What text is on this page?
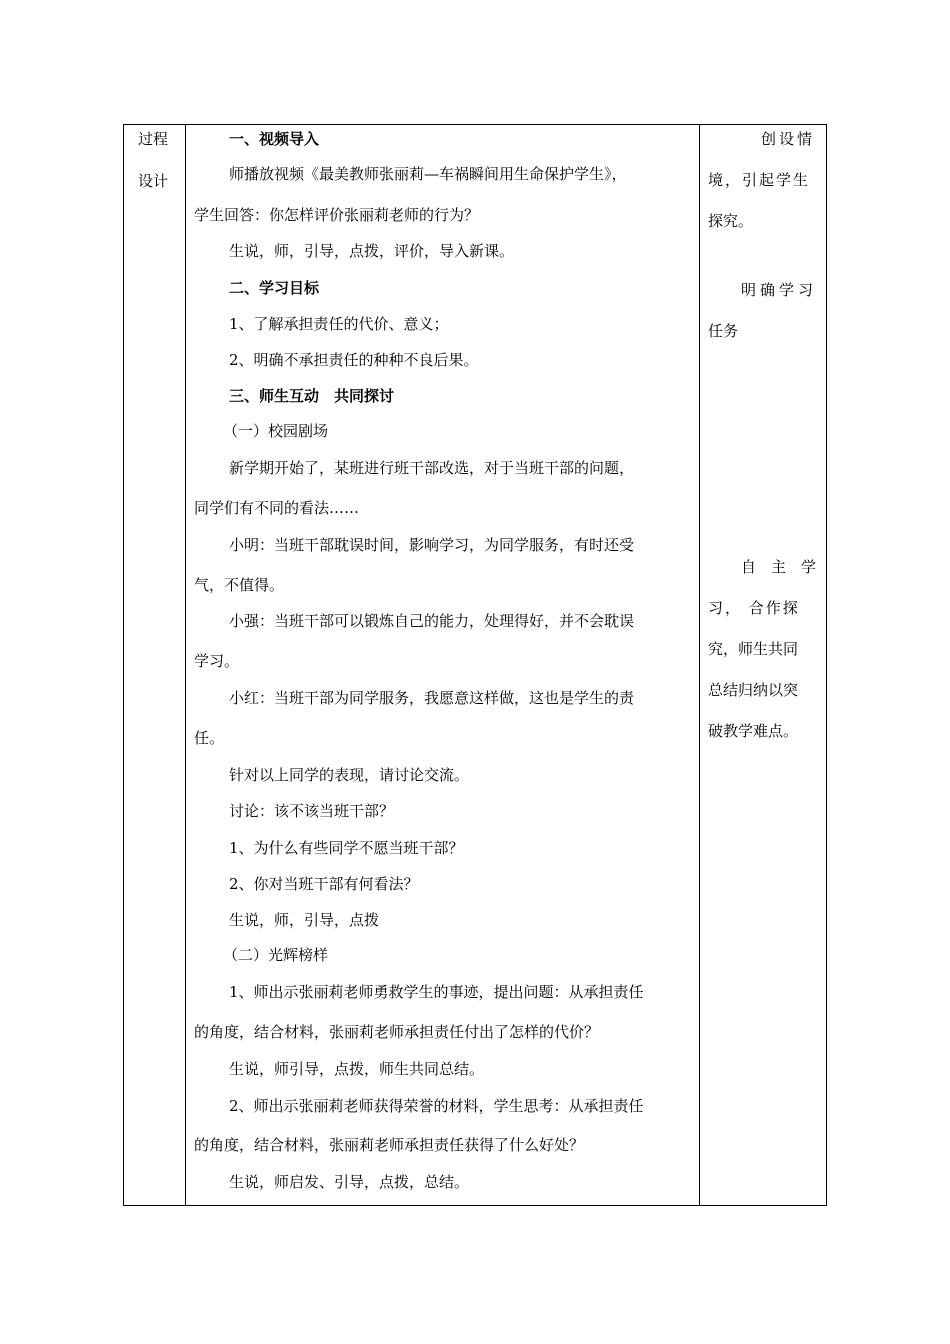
过程
设计
一、视频导入
师播放视频《最美教师张丽莉—车祸瞬间用生命保护学生》，
学生回答：你怎样评价张丽莉老师的行为？
生说，师，引导，点拨，评价，导入新课。
二、学习目标
1、了解承担责任的代价、意义；
2、明确不承担责任的种种不良后果。
三、师生互动　共同探讨
（一）校园剧场
新学期开始了，某班进行班干部改选，对于当班干部的问题，
同学们有不同的看法……
小明：当班干部耽误时间，影响学习，为同学服务，有时还受
气，不值得。
小强：当班干部可以锻炼自己的能力，处理得好，并不会耽误
学习。
小红：当班干部为同学服务，我愿意这样做，这也是学生的责
任。
针对以上同学的表现，请讨论交流。
讨论：该不该当班干部？
1、为什么有些同学不愿当班干部？
2、你对当班干部有何看法？
生说，师，引导，点拨
（二）光辉榜样
1、师出示张丽莉老师勇救学生的事迹，提出问题：从承担责任
的角度，结合材料，张丽莉老师承担责任付出了怎样的代价？
生说，师引导，点拨，师生共同总结。
2、师出示张丽莉老师获得荣誉的材料，学生思考：从承担责任
的角度，结合材料，张丽莉老师承担责任获得了什么好处？
生说，师启发、引导，点拨，总结。
创设情
境，引起学生
探究。
明确学习
任务
自　主　学
习， 合作探
究，师生共同
总结归纳以突
破教学难点。
